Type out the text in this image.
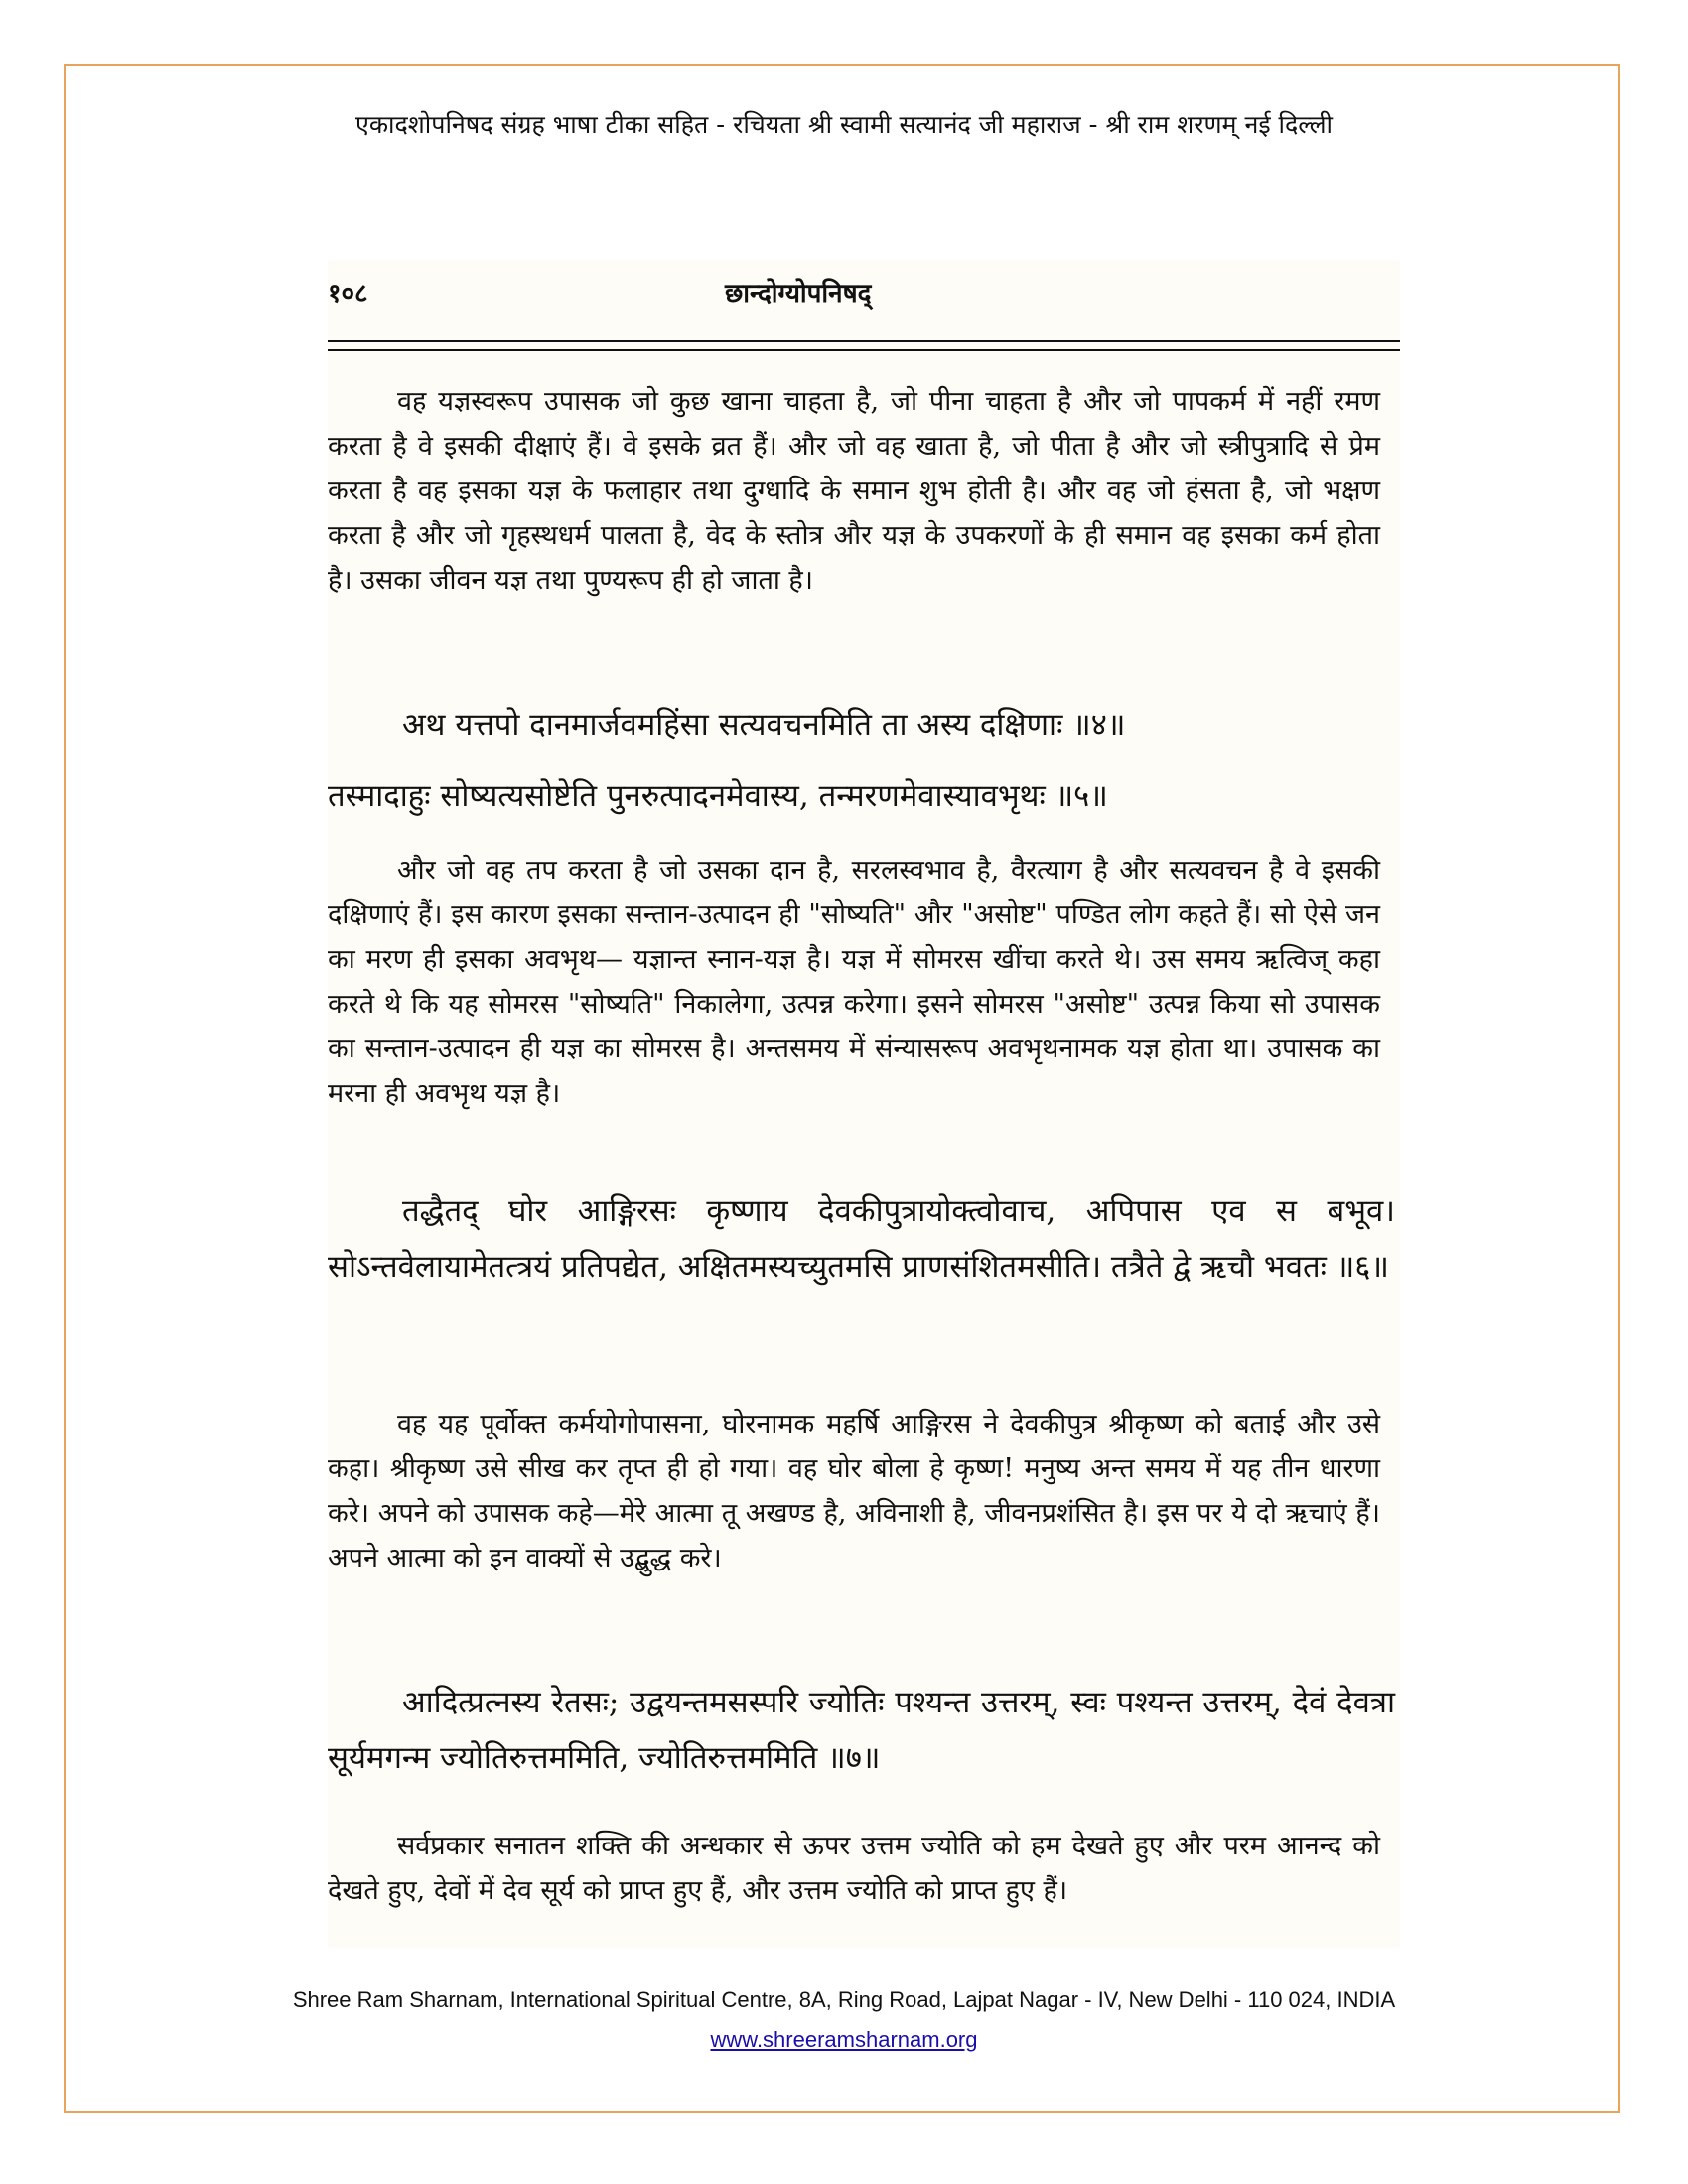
एकादशोपनिषद संग्रह भाषा टीका सहित - रचियता श्री स्वामी सत्यानंद जी महाराज - श्री राम शरणम् नई दिल्ली
१०८	छान्दोग्योपनिषद्

वह यज्ञस्वरूप उपासक जो कुछ खाना चाहता है, जो पीना चाहता है और जो पापकर्म में नहीं रमण करता है वे इसकी दीक्षाएं हैं। वे इसके व्रत हैं। और जो वह खाता है, जो पीता है और जो स्त्रीपुत्रादि से प्रेम करता है वह इसका यज्ञ के फलाहार तथा दुग्धादि के समान शुभ होती है। और वह जो हंसता है, जो भक्षण करता है और जो गृहस्थधर्म पालता है, वेद के स्तोत्र और यज्ञ के उपकरणों के ही समान वह इसका कर्म होता है। उसका जीवन यज्ञ तथा पुण्यरूप ही हो जाता है।

अथ यत्तपो दानमार्जवमहिंसा सत्यवचनमिति ता अस्य दक्षिणाः ॥४॥

तस्मादाहुः सोष्यत्यसोष्टेति पुनरुत्पादनमेवास्य, तन्मरणमेवास्यावभृथः ॥५॥

और जो वह तप करता है जो उसका दान है, सरलस्वभाव है, वैरत्याग है और सत्यवचन है वे इसकी दक्षिणाएं हैं। इस कारण इसका सन्तान-उत्पादन ही "सोष्यति" और "असोष्ट" पण्डित लोग कहते हैं। सो ऐसे जन का मरण ही इसका अवभृथ— यज्ञान्त स्नान-यज्ञ है। यज्ञ में सोमरस खींचा करते थे। उस समय ऋत्विज् कहा करते थे कि यह सोमरस "सोष्यति" निकालेगा, उत्पन्न करेगा। इसने सोमरस "असोष्ट" उत्पन्न किया सो उपासक का सन्तान-उत्पादन ही यज्ञ का सोमरस है। अन्तसमय में संन्यासरूप अवभृथनामक यज्ञ होता था। उपासक का मरना ही अवभृथ यज्ञ है।

तद्धैतद् घोर आङ्गिरसः कृष्णाय देवकीपुत्रायोक्त्वोवाच, अपिपास एव स बभूव। सोऽन्तवेलायामेतत्त्रयं प्रतिपद्येत, अक्षितमस्यच्युतमसि प्राणसंशितमसीति। तत्रैते द्वे ऋचौ भवतः ॥६॥

वह यह पूर्वोक्त कर्मयोगोपासना, घोरनामक महर्षि आङ्गिरस ने देवकीपुत्र श्रीकृष्ण को बताई और उसे कहा। श्रीकृष्ण उसे सीख कर तृप्त ही हो गया। वह घोर बोला हे कृष्ण! मनुष्य अन्त समय में यह तीन धारणा करे। अपने को उपासक कहे—मेरे आत्मा तू अखण्ड है, अविनाशी है, जीवनप्रशंसित है। इस पर ये दो ऋचाएं हैं। अपने आत्मा को इन वाक्यों से उद्बुद्ध करे।

आदित्प्रत्नस्य रेतसः; उद्वयन्तमसस्परि ज्योतिः पश्यन्त उत्तरम्, स्वः पश्यन्त उत्तरम्, देवं देवत्रा सूर्यमगन्म ज्योतिरुत्तममिति, ज्योतिरुत्तममिति ॥७॥

सर्वप्रकार सनातन शक्ति की अन्धकार से ऊपर उत्तम ज्योति को हम देखते हुए और परम आनन्द को देखते हुए, देवों में देव सूर्य को प्राप्त हुए हैं, और उत्तम ज्योति को प्राप्त हुए हैं।

Shree Ram Sharnam, International Spiritual Centre, 8A, Ring Road, Lajpat Nagar - IV, New Delhi - 110 024, INDIA
www.shreeramsharnam.org
